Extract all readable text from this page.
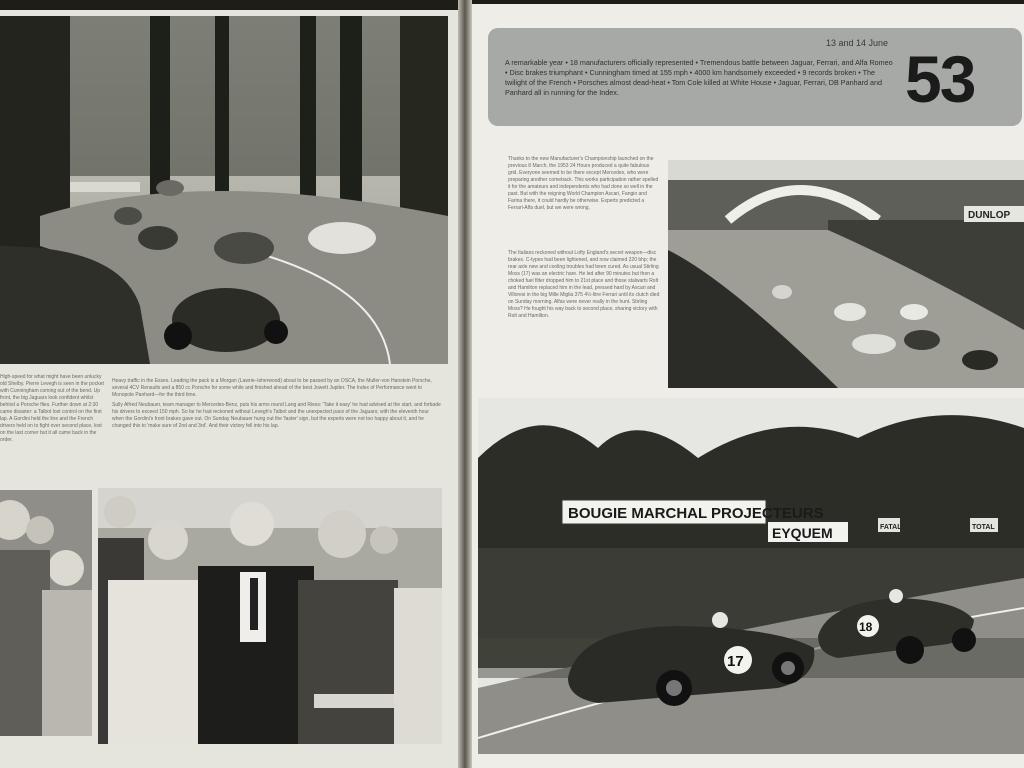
High-speed for what might have been unlucky old Shelby. Pierre Levegh is seen in the pocket with Cunningham coming out of the bend. Up front, the big Jaguars look confident whilst behind a Porsche flies. Further down at 2:30 came disaster: a Talbot lost control on the first lap. A Gordini held the line and the French drivers held on to fight over second place, lost on the last corner but it all came back in the order.

Heavy traffic in the Esses. Leading the pack is a Morgan (Lawrie–Isherwood) about to be passed by an OSCA, the Muller-von Hanstein Porsche, several 4CV Renaults and a 850 cc Porsche for some while and finished ahead of the best Jowett Jupiter. The Index of Performance went to Monopole Panhard—for the third time.

Sully Alfred Neubauer, team manager to Mercedes-Benz, puts his arms round Lang and Riess: 'Take it easy' he had advised at the start, and forbade his drivers to exceed 150 mph. So far he had reckoned without Levegh's Talbot and the unexpected pace of the Jaguars; with the eleventh hour when the Gordini's front brakes gave out. On Sunday Neubauer hung out the 'faster' sign, but the experts were not too happy about it, and he changed this to 'make sure of 2nd and 3rd'. And their victory fell into his lap.

13 and 14 June
A remarkable year • 18 manufacturers officially represented • Tremendous battle between Jaguar, Ferrari, and Alfa Romeo • Disc brakes triumphant • Cunningham timed at 155 mph • 4000 km handsomely exceeded • 9 records broken • The twilight of the French • Porsches almost dead-heat • Tom Cole killed at White House • Jaguar, Ferrari, DB Panhard and Panhard all in running for the Index.	53

Thanks to the new Manufacturer's Championship launched on the previous 8 March, the 1953 24 Hours produced a quite fabulous grid. Everyone seemed to be there except Mercedes, who were preparing another comeback. This works participation rather spelled it for the amateurs and independents who had done so well in the past. But with the reigning World Champion Ascari, Fangio and Farina there, it could hardly be otherwise. Experts predicted a Ferrari-Alfa duel, but we were wrong.

The Italians reckoned without Lofty England's secret weapon—disc brakes. C-types had been lightened, and now claimed 220 bhp; the rear axle new and cooling troubles had been cured. As usual Stirling Moss (17) was an electric hare. He led after 90 minutes but then a choked fuel filter dropped him to 21st place and those stalwarts Rolt and Hamilton replaced him in the lead, pressed hard by Ascari and Villoresi in the big Mille Miglia 375 4½-litre Ferrari until its clutch died on Sunday morning. Alfas were never really in the hunt. Stirling Moss? He fought his way back to second place, sharing victory with Rolt and Hamilton.

DUNLOP
BOUGIE MARCHAL PROJECTEURS
EYQUEM	FATAL	TOTAL
17
18
